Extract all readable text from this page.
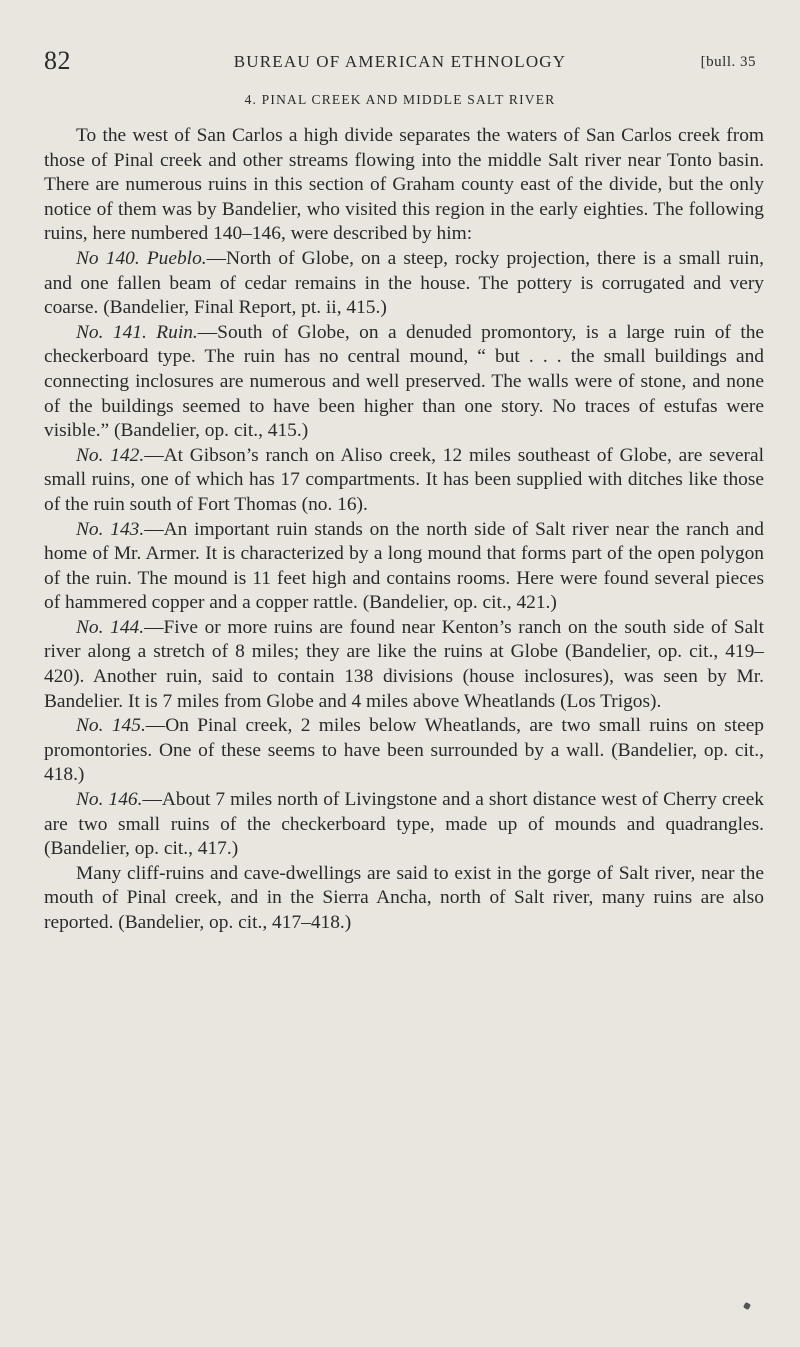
82	BUREAU OF AMERICAN ETHNOLOGY	[bull. 35
4. PINAL CREEK AND MIDDLE SALT RIVER

To the west of San Carlos a high divide separates the waters of San Carlos creek from those of Pinal creek and other streams flowing into the middle Salt river near Tonto basin. There are numerous ruins in this section of Graham county east of the divide, but the only notice of them was by Bandelier, who visited this region in the early eighties. The following ruins, here numbered 140–146, were described by him:

No 140. Pueblo.—North of Globe, on a steep, rocky projection, there is a small ruin, and one fallen beam of cedar remains in the house. The pottery is corrugated and very coarse. (Bandelier, Final Report, pt. ii, 415.)

No. 141. Ruin.—South of Globe, on a denuded promontory, is a large ruin of the checkerboard type. The ruin has no central mound, “ but . . . the small buildings and connecting inclosures are numerous and well preserved. The walls were of stone, and none of the buildings seemed to have been higher than one story. No traces of estufas were visible.” (Bandelier, op. cit., 415.)

No. 142.—At Gibson’s ranch on Aliso creek, 12 miles southeast of Globe, are several small ruins, one of which has 17 compartments. It has been supplied with ditches like those of the ruin south of Fort Thomas (no. 16).

No. 143.—An important ruin stands on the north side of Salt river near the ranch and home of Mr. Armer. It is characterized by a long mound that forms part of the open polygon of the ruin. The mound is 11 feet high and contains rooms. Here were found several pieces of hammered copper and a copper rattle. (Bandelier, op. cit., 421.)

No. 144.—Five or more ruins are found near Kenton’s ranch on the south side of Salt river along a stretch of 8 miles; they are like the ruins at Globe (Bandelier, op. cit., 419–420). Another ruin, said to contain 138 divisions (house inclosures), was seen by Mr. Bandelier. It is 7 miles from Globe and 4 miles above Wheatlands (Los Trigos).

No. 145.—On Pinal creek, 2 miles below Wheatlands, are two small ruins on steep promontories. One of these seems to have been surrounded by a wall. (Bandelier, op. cit., 418.)

No. 146.—About 7 miles north of Livingstone and a short distance west of Cherry creek are two small ruins of the checkerboard type, made up of mounds and quadrangles. (Bandelier, op. cit., 417.)

Many cliff-ruins and cave-dwellings are said to exist in the gorge of Salt river, near the mouth of Pinal creek, and in the Sierra Ancha, north of Salt river, many ruins are also reported. (Bandelier, op. cit., 417–418.)
